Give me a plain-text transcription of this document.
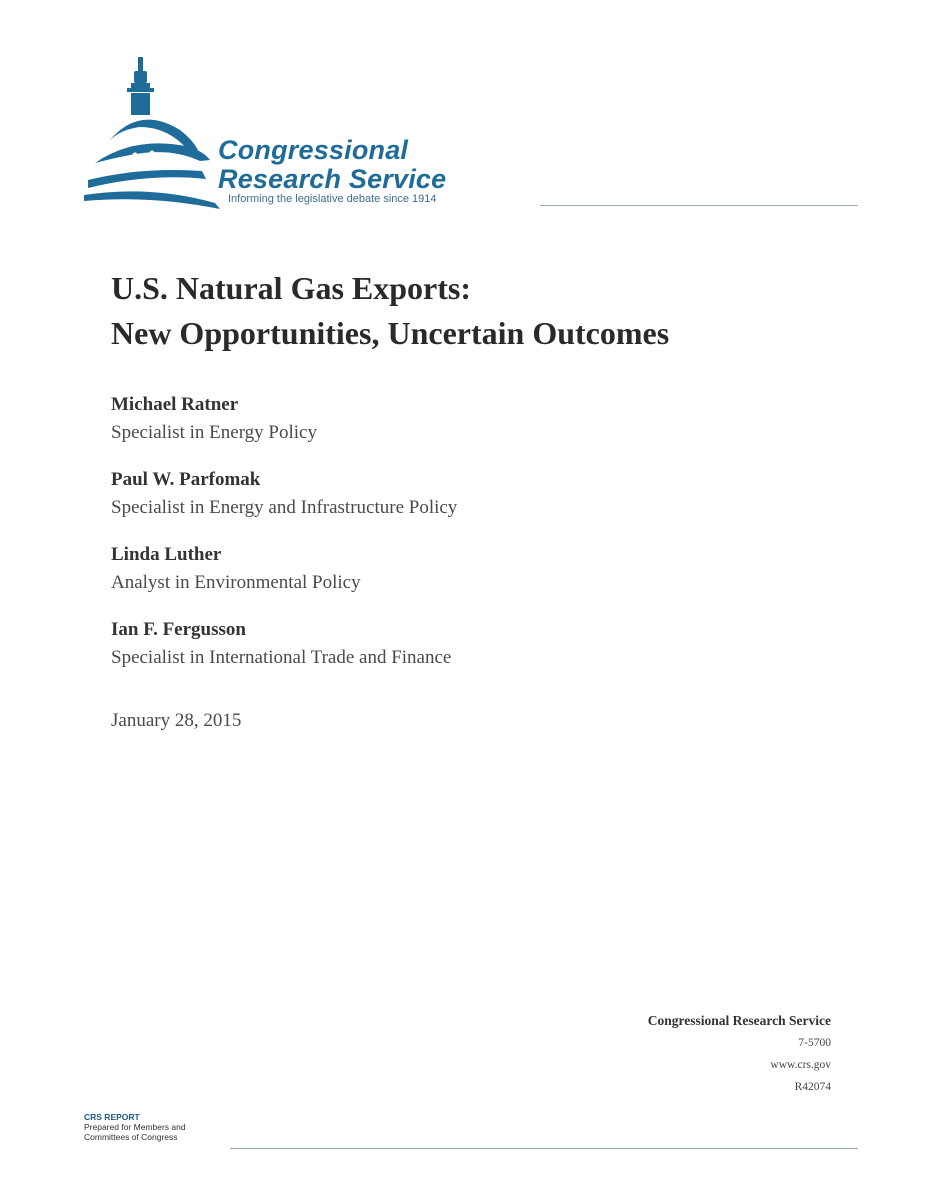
Congressional
Research Service
Informing the legislative debate since 1914
U.S. Natural Gas Exports:
New Opportunities, Uncertain Outcomes
Michael Ratner
Specialist in Energy Policy
Paul W. Parfomak
Specialist in Energy and Infrastructure Policy
Linda Luther
Analyst in Environmental Policy
Ian F. Fergusson
Specialist in International Trade and Finance
January 28, 2015
Congressional Research Service
7-5700
www.crs.gov
R42074
CRS REPORT
Prepared for Members and
Committees of Congress
